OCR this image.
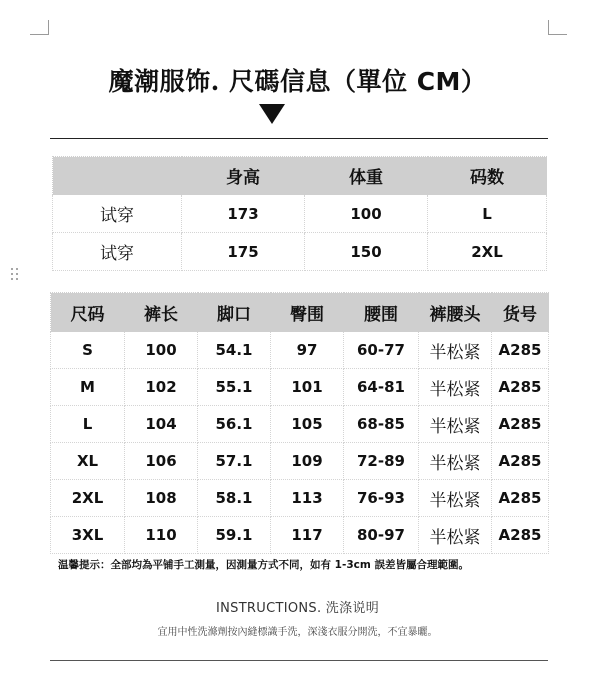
魔潮服饰. 尺碼信息（單位 CM）
	身高	体重	码数
试穿	173	100	L
试穿	175	150	2XL
尺码	裤长	脚口	臀围	腰围	裤腰头	货号
S	100	54.1	97	60-77	半松紧	A285
M	102	55.1	101	64-81	半松紧	A285
L	104	56.1	105	68-85	半松紧	A285
XL	106	57.1	109	72-89	半松紧	A285
2XL	108	58.1	113	76-93	半松紧	A285
3XL	110	59.1	117	80-97	半松紧	A285
温馨提示：全部均為平铺手工測量，因測量方式不同，如有 1-3cm 誤差皆屬合理範圍。
INSTRUCTIONS. 洗涤说明
宜用中性洗滌劑按內縫標識手洗，深淺衣服分開洗，不宜暴曬。
